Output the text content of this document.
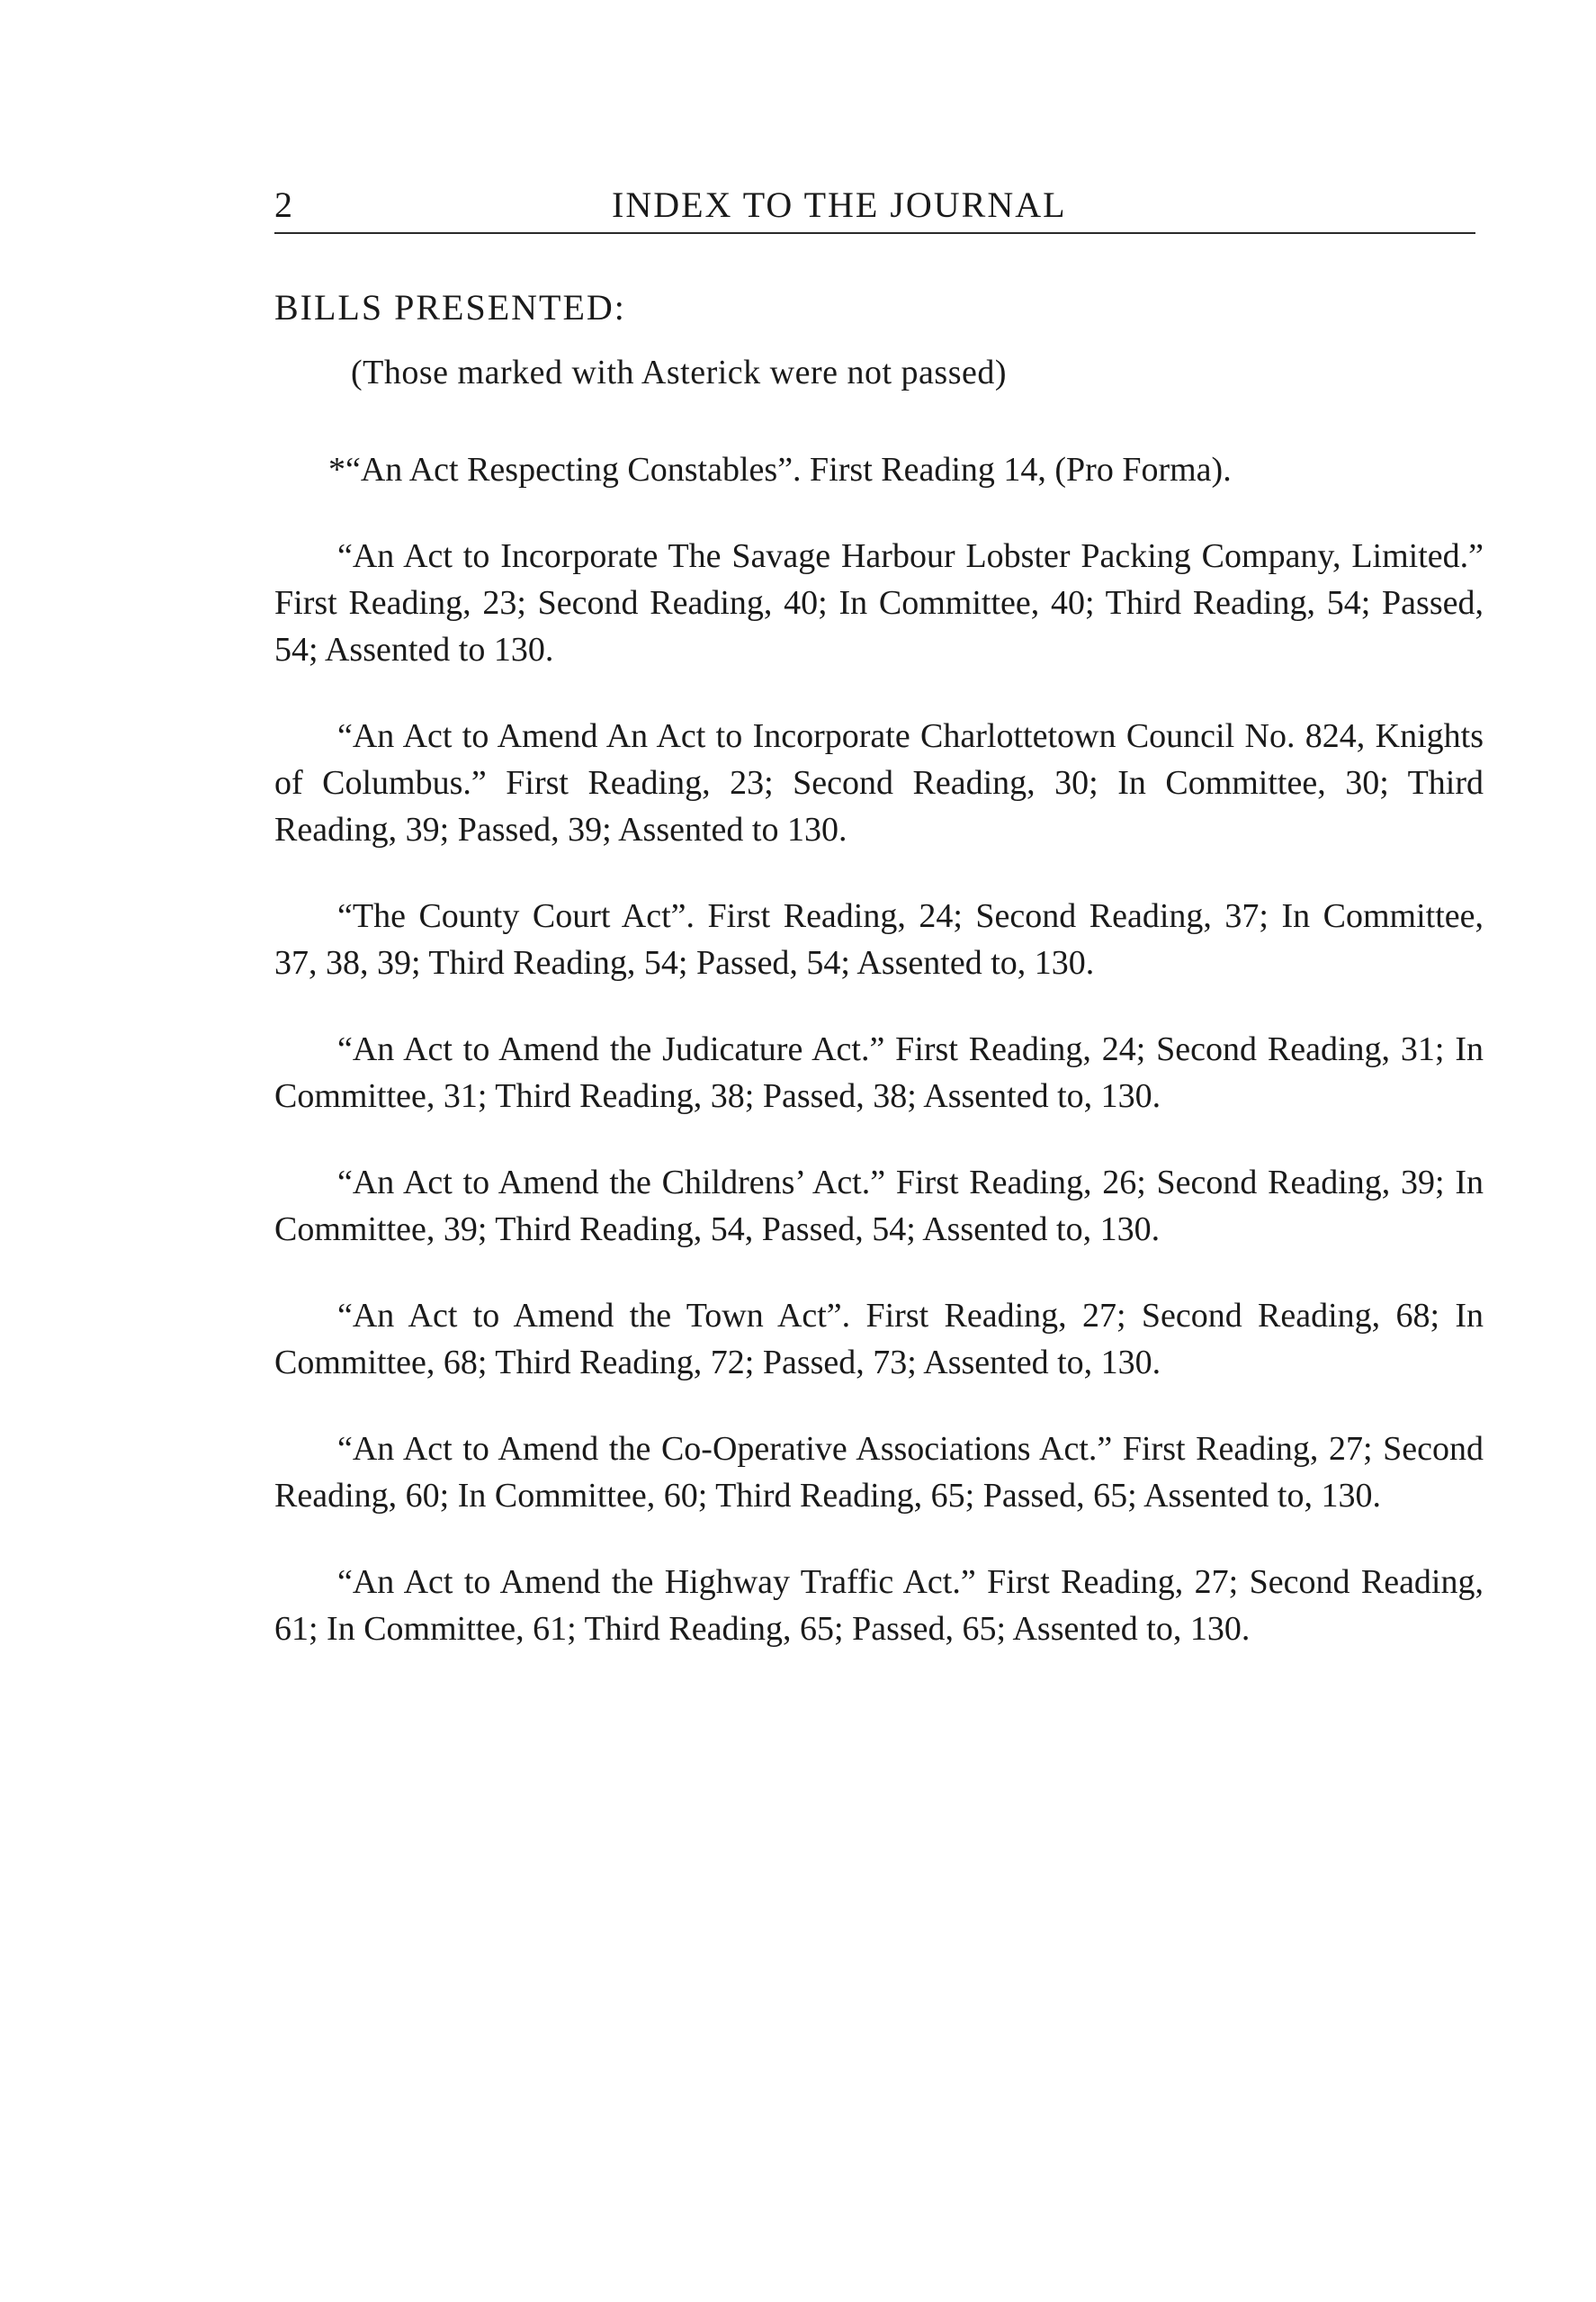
2	INDEX TO THE JOURNAL
BILLS PRESENTED:
(Those marked with Asterick were not passed)

*“An Act Respecting Constables”. First Reading 14, (Pro Forma).

“An Act to Incorporate The Savage Harbour Lobster Packing Company, Limited.” First Reading, 23; Second Reading, 40; In Committee, 40; Third Reading, 54; Passed, 54; Assented to 130.

“An Act to Amend An Act to Incorporate Charlottetown Council No. 824, Knights of Columbus.” First Reading, 23; Second Reading, 30; In Committee, 30; Third Reading, 39; Passed, 39; Assented to 130.

“The County Court Act”. First Reading, 24; Second Reading, 37; In Committee, 37, 38, 39; Third Reading, 54; Passed, 54; Assented to, 130.

“An Act to Amend the Judicature Act.” First Reading, 24; Second Reading, 31; In Committee, 31; Third Reading, 38; Passed, 38; Assented to, 130.

“An Act to Amend the Childrens’ Act.” First Reading, 26; Second Reading, 39; In Committee, 39; Third Reading, 54, Passed, 54; Assented to, 130.

“An Act to Amend the Town Act”. First Reading, 27; Second Reading, 68; In Committee, 68; Third Reading, 72; Passed, 73; Assented to, 130.

“An Act to Amend the Co-Operative Associations Act.” First Reading, 27; Second Reading, 60; In Committee, 60; Third Reading, 65; Passed, 65; Assented to, 130.

“An Act to Amend the Highway Traffic Act.” First Reading, 27; Second Reading, 61; In Committee, 61; Third Reading, 65; Passed, 65; Assented to, 130.
